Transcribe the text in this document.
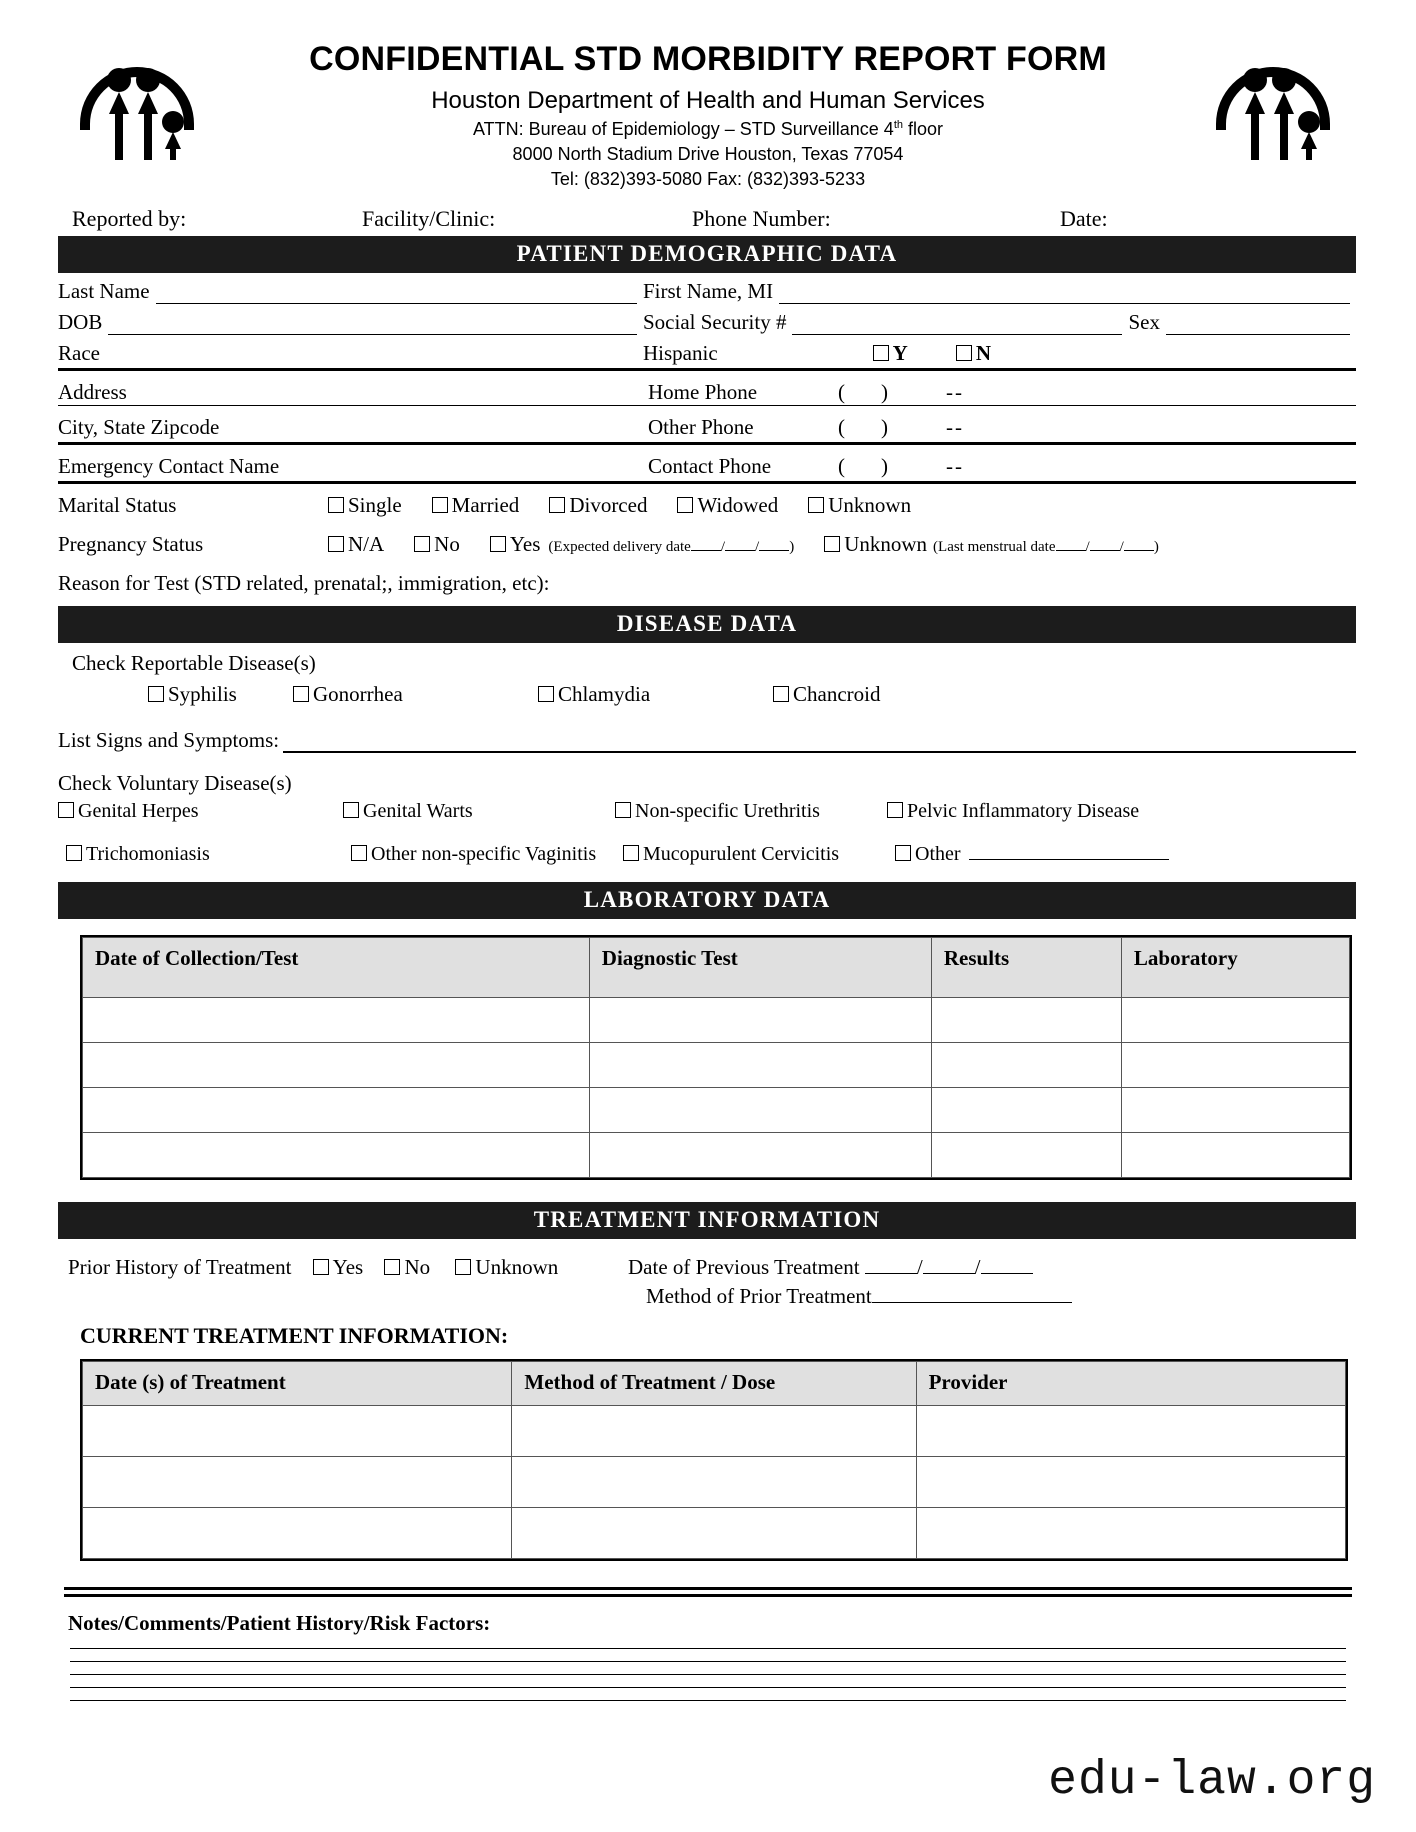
CONFIDENTIAL STD MORBIDITY REPORT FORM
Houston Department of Health and Human Services
ATTN: Bureau of Epidemiology – STD Surveillance 4th floor
8000 North Stadium Drive Houston, Texas 77054
Tel: (832)393-5080 Fax: (832)393-5233
Reported by:	Facility/Clinic:	Phone Number:	Date:
PATIENT DEMOGRAPHIC DATA
Last Name	First Name, MI
DOB	Social Security #	Sex
Race	Hispanic	Y	N
Address	Home Phone	( )	--
City, State Zipcode	Other Phone	( )	--
Emergency Contact Name	Contact Phone	( )	--
Marital Status	Single	Married	Divorced	Widowed	Unknown
Pregnancy Status	N/A	No	Yes (Expected delivery date / / )	Unknown (Last menstrual date / / )
Reason for Test (STD related, prenatal;, immigration, etc):
DISEASE DATA
Check Reportable Disease(s)
Syphilis	Gonorrhea	Chlamydia	Chancroid
List Signs and Symptoms:
Check Voluntary Disease(s)
Genital Herpes	Genital Warts	Non-specific Urethritis	Pelvic Inflammatory Disease
Trichomoniasis	Other non-specific Vaginitis	Mucopurulent Cervicitis	Other
LABORATORY DATA
Date of Collection/Test	Diagnostic Test	Results	Laboratory

TREATMENT INFORMATION
Prior History of Treatment Yes No Unknown	Date of Previous Treatment	/ /
Method of Prior Treatment
CURRENT TREATMENT INFORMATION:
Date (s) of Treatment	Method of Treatment / Dose	Provider

Notes/Comments/Patient History/Risk Factors:
edu-law.org
